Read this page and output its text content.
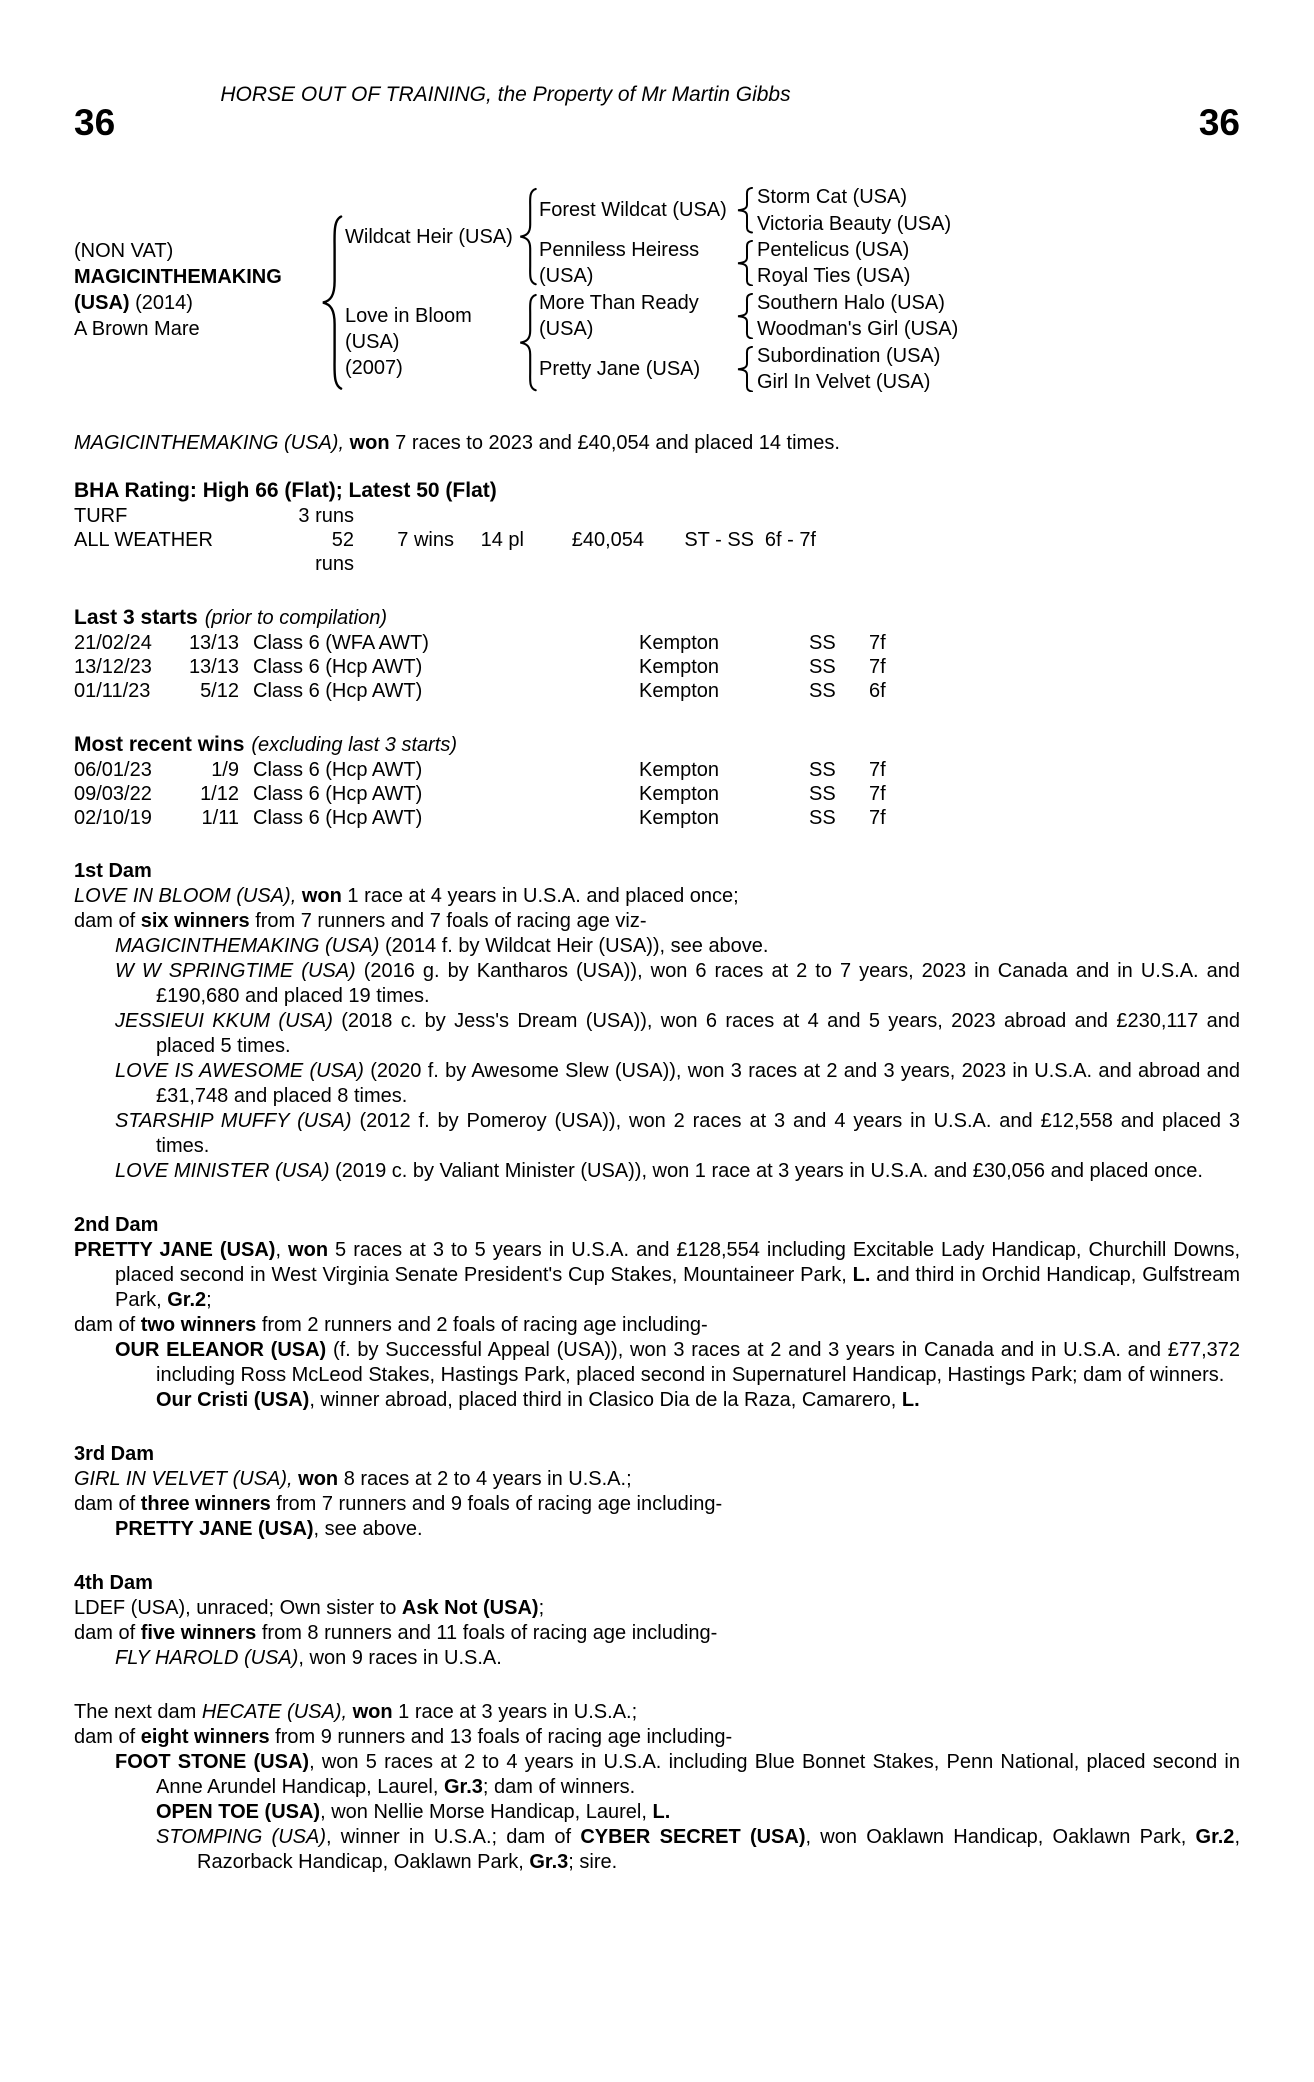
HORSE OUT OF TRAINING, the Property of Mr Martin Gibbs
36	36
(NON VAT)
MAGICINTHEMAKING
(USA) (2014)
A Brown Mare
Wildcat Heir (USA)
Love in Bloom
(USA)
(2007)
Forest Wildcat (USA)
Penniless Heiress
(USA)
More Than Ready
(USA)
Pretty Jane (USA)
Storm Cat (USA)
Victoria Beauty (USA)
Pentelicus (USA)
Royal Ties (USA)
Southern Halo (USA)
Woodman's Girl (USA)
Subordination (USA)
Girl In Velvet (USA)

MAGICINTHEMAKING (USA), won 7 races to 2023 and £40,054 and placed 14 times.

BHA Rating: High 66 (Flat); Latest 50 (Flat)
TURF	3 runs
ALL WEATHER	52 runs
7 wins	14 pl	£40,054	ST - SS 6f - 7f
Last 3 starts (prior to compilation)
21/02/24	13/13 Class 6 (WFA AWT)	Kempton	SS	7f
13/12/23	13/13 Class 6 (Hcp AWT)	Kempton	SS	7f
01/11/23	5/12 Class 6 (Hcp AWT)	Kempton	SS	6f
Most recent wins (excluding last 3 starts)
06/01/23	1/9 Class 6 (Hcp AWT)	Kempton	SS	7f
09/03/22	1/12 Class 6 (Hcp AWT)	Kempton	SS	7f
02/10/19	1/11 Class 6 (Hcp AWT)	Kempton	SS	7f
1st Dam

LOVE IN BLOOM (USA), won 1 race at 4 years in U.S.A. and placed once;

dam of six winners from 7 runners and 7 foals of racing age viz-

MAGICINTHEMAKING (USA) (2014 f. by Wildcat Heir (USA)), see above.

W W SPRINGTIME (USA) (2016 g. by Kantharos (USA)), won 6 races at 2 to 7 years, 2023 in Canada and in U.S.A. and £190,680 and placed 19 times.

JESSIEUI KKUM (USA) (2018 c. by Jess's Dream (USA)), won 6 races at 4 and 5 years, 2023 abroad and £230,117 and placed 5 times.

LOVE IS AWESOME (USA) (2020 f. by Awesome Slew (USA)), won 3 races at 2 and 3 years, 2023 in U.S.A. and abroad and £31,748 and placed 8 times.

STARSHIP MUFFY (USA) (2012 f. by Pomeroy (USA)), won 2 races at 3 and 4 years in U.S.A. and £12,558 and placed 3 times.

LOVE MINISTER (USA) (2019 c. by Valiant Minister (USA)), won 1 race at 3 years in U.S.A. and £30,056 and placed once.

2nd Dam

PRETTY JANE (USA), won 5 races at 3 to 5 years in U.S.A. and £128,554 including Excitable Lady Handicap, Churchill Downs, placed second in West Virginia Senate President's Cup Stakes, Mountaineer Park, L. and third in Orchid Handicap, Gulfstream Park, Gr.2;

dam of two winners from 2 runners and 2 foals of racing age including-

OUR ELEANOR (USA) (f. by Successful Appeal (USA)), won 3 races at 2 and 3 years in Canada and in U.S.A. and £77,372 including Ross McLeod Stakes, Hastings Park, placed second in Supernaturel Handicap, Hastings Park; dam of winners.

Our Cristi (USA), winner abroad, placed third in Clasico Dia de la Raza, Camarero, L.

3rd Dam

GIRL IN VELVET (USA), won 8 races at 2 to 4 years in U.S.A.;

dam of three winners from 7 runners and 9 foals of racing age including-

PRETTY JANE (USA), see above.

4th Dam

LDEF (USA), unraced; Own sister to Ask Not (USA);

dam of five winners from 8 runners and 11 foals of racing age including-

FLY HAROLD (USA), won 9 races in U.S.A.

The next dam HECATE (USA), won 1 race at 3 years in U.S.A.;

dam of eight winners from 9 runners and 13 foals of racing age including-

FOOT STONE (USA), won 5 races at 2 to 4 years in U.S.A. including Blue Bonnet Stakes, Penn National, placed second in Anne Arundel Handicap, Laurel, Gr.3; dam of winners.

OPEN TOE (USA), won Nellie Morse Handicap, Laurel, L.

STOMPING (USA), winner in U.S.A.; dam of CYBER SECRET (USA), won Oaklawn Handicap, Oaklawn Park, Gr.2, Razorback Handicap, Oaklawn Park, Gr.3; sire.
